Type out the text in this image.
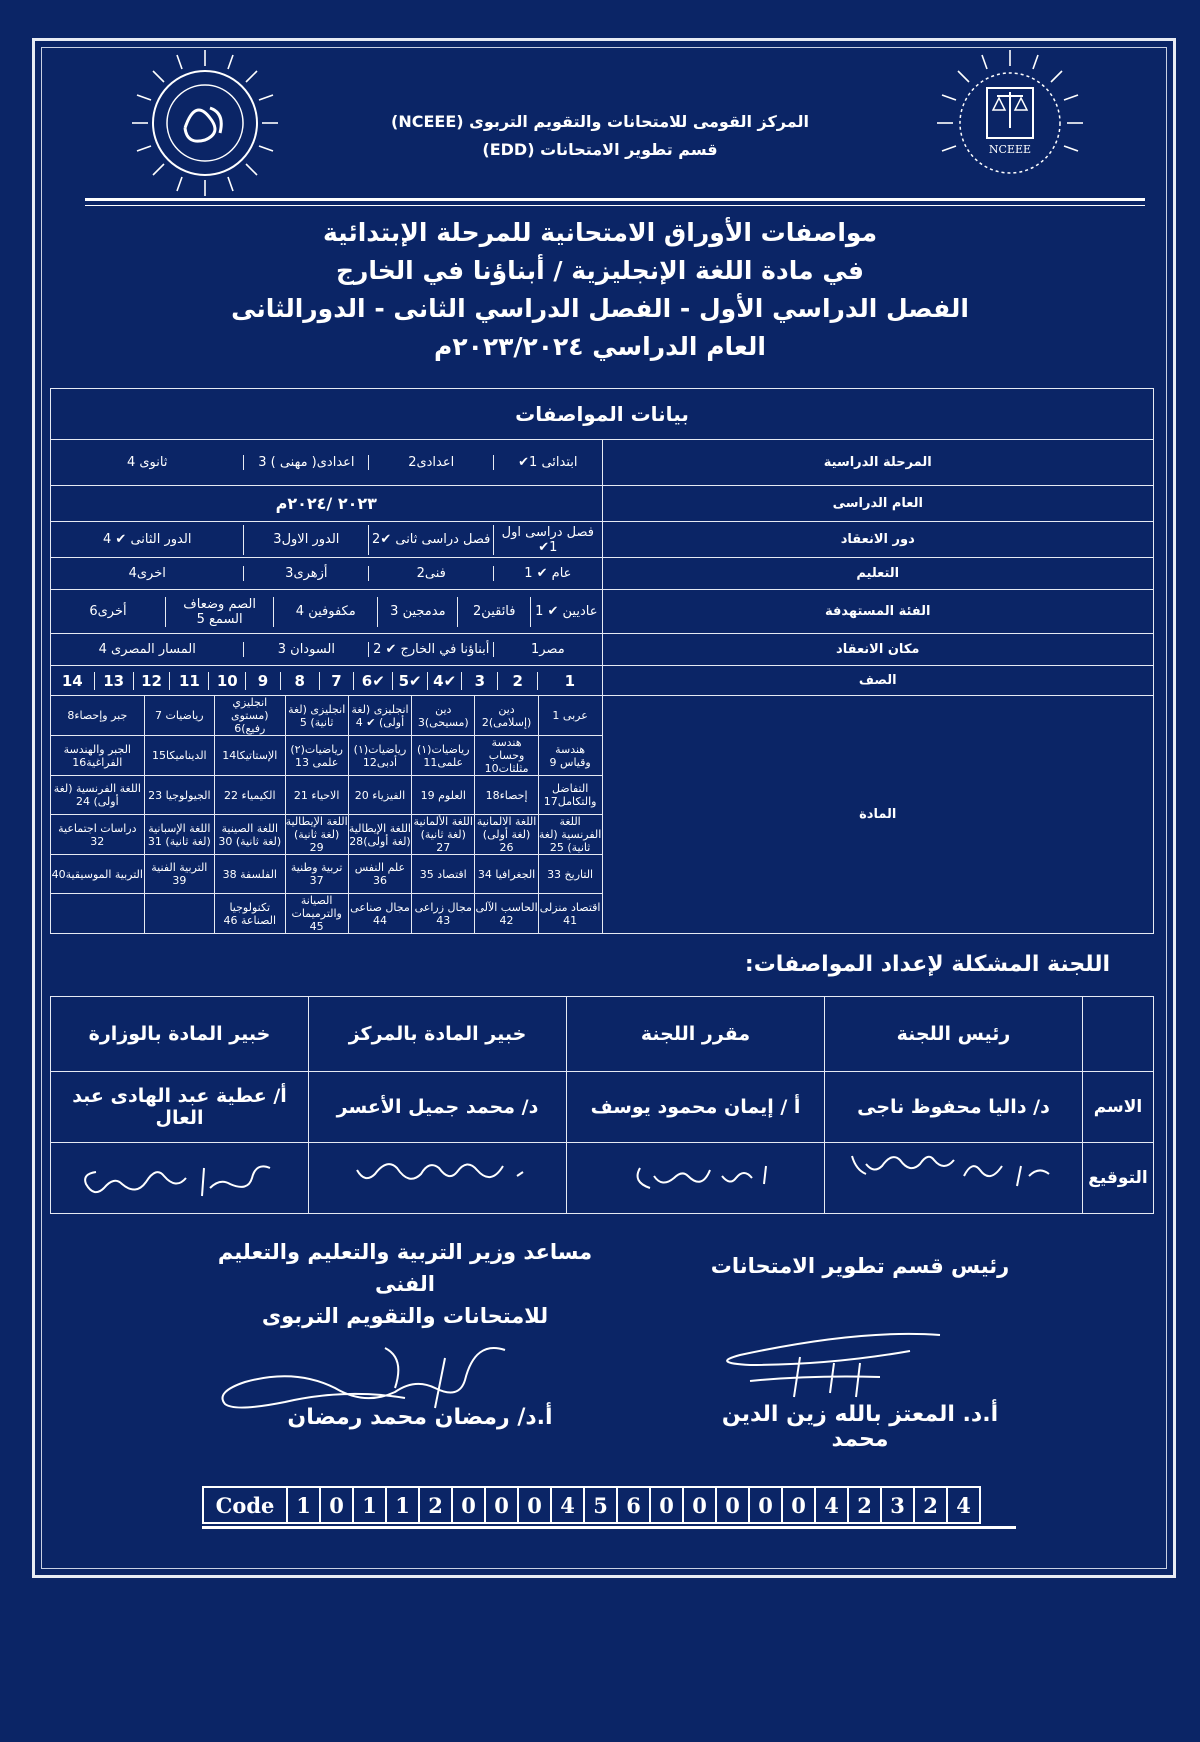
NCEEE
المركز القومى للامتحانات والتقويم التربوى (NCEEE)
قسم تطوير الامتحانات (EDD)
مواصفات الأوراق الامتحانية للمرحلة الإبتدائية
في مادة اللغة الإنجليزية / أبناؤنا في الخارج
الفصل الدراسي الأول - الفصل الدراسي الثانى - الدورالثانى
العام الدراسي ٢٠٢٣/٢٠٢٤م
بيانات المواصفات
المرحلة الدراسية	
ابتدائى 1✔	اعدادى2	اعدادى( مهنى ) 3	ثانوى 4

العام الدراسى	٢٠٢٣ /٢٠٢٤م
دور الانعقاد	
فصل دراسى اول 1✔	فصل دراسى ثانى ✔2	الدور الاول3	الدور الثانى ✔ 4

التعليم	
عام ✔ 1	فنى2	أزهرى3	اخرى4

الفئة المستهدفة	
عاديين ✔ 1	فائقين2	مدمجين 3	مكفوفين 4	الصم وضعاف السمع 5	أخرى6

مكان الانعقاد	
مصر1	أبناؤنا في الخارج ✔ 2	السودان 3	المسار المصرى 4

الصف	
1	2	3	✔4	✔5	✔6	7	8	9	10	11	12	13	14

المادة	
عربى 1	دين (إسلامى)2	دين (مسيحى)3	انجليزى (لغة أولى) ✔ 4	انجليزى (لغة ثانية) 5	انجليزي (مستوى رفيع)6	رياضيات 7	جبر وإحصاء8
هندسة وقياس 9	هندسة وحساب مثلثات10	رياضيات(١) علمى11	رياضيات(١) أدبى12	رياضيات(٢) علمى 13	الإستاتيكا14	الديناميكا15	الجبر والهندسة الفراغية16
التفاضل والتكامل17	إحصاء18	العلوم 19	الفيزياء 20	الاحياء 21	الكيمياء 22	الجيولوجيا 23	اللغة الفرنسية (لغة أولى) 24
اللغة الفرنسية (لغة ثانية) 25	اللغة الالمانية (لغة أولى) 26	اللغة الألمانية (لغة ثانية) 27	اللغة الإيطالية (لغة أولى)28	اللغة الإيطالية (لغة ثانية) 29	اللغة الصينية (لغة ثانية) 30	اللغة الإسبانية (لغة ثانية) 31	دراسات اجتماعية 32
التاريخ 33	الجغرافيا 34	اقتصاد 35	علم النفس 36	تربية وطنية 37	الفلسفة 38	التربية الفنية 39	التربية الموسيقية40
اقتصاد منزلى 41	الحاسب الآلى 42	مجال زراعى 43	مجال صناعى 44	الصيانة والترميمات 45	تكنولوجيا الصناعة 46		
اللجنة المشكلة لإعداد المواصفات:
	رئيس اللجنة	مقرر اللجنة	خبير المادة بالمركز	خبير المادة بالوزارة
الاسم	د/ داليا محفوظ ناجى	أ / إيمان محمود يوسف	د/ محمد جميل الأعسر	أ/ عطية عبد الهادى عبد العال
التوقيع				
مساعد وزير التربية والتعليم والتعليم الفنى
للامتحانات والتقويم التربوى
رئيس قسم تطوير الامتحانات
أ.د/ رمضان محمد رمضان	أ.د. المعتز بالله زين الدين محمد
Code	1	0	1	1	2	0	0	0	4	5	6	0	0	0	0	0	4	2	3	2	4
